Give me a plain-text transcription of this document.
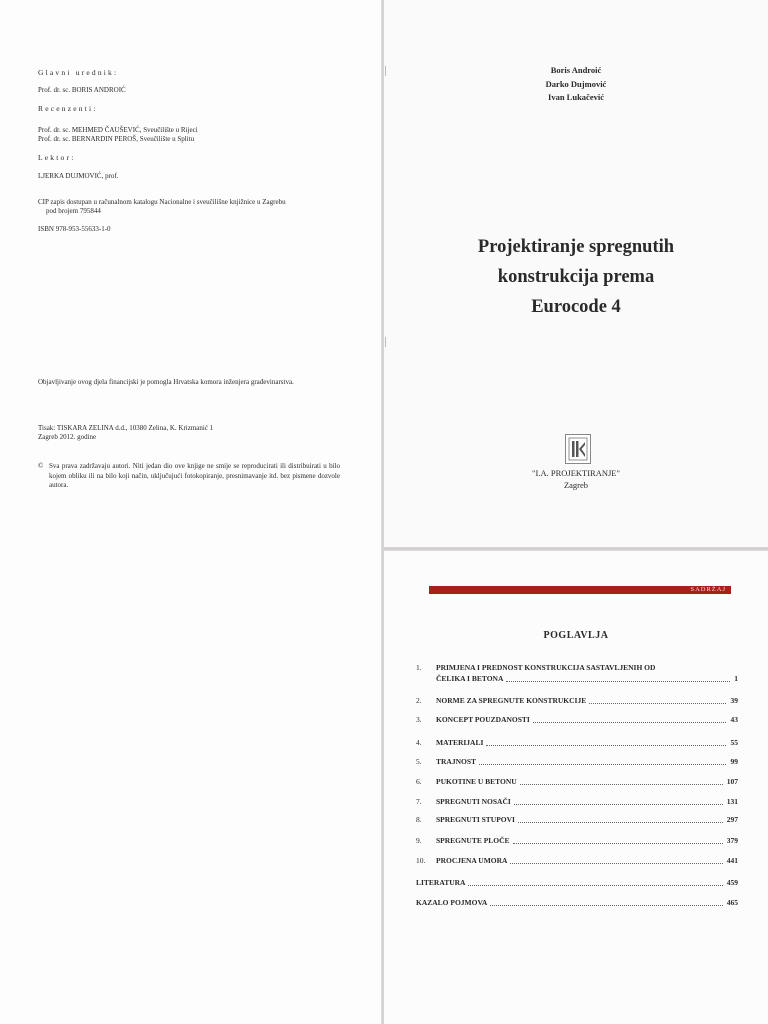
Glavni urednik:
Prof. dr. sc. BORIS ANDROIĆ
Recenzenti:
Prof. dr. sc. MEHMED ČAUŠEVIĆ, Sveučilište u Rijeci
Prof. dr. sc. BERNARDIN PEROŠ, Sveučilište u Splitu
Lektor:
LJERKA DUJMOVIĆ, prof.
CIP zapis dostupan u računalnom katalogu Nacionalne i sveučilišne knjižnice u Zagrebu
pod brojem 795844
ISBN 978-953-55633-1-0
Objavljivanje ovog djela financijski je pomogla Hrvatska komora inženjera građevinarstva.
Tisak: TISKARA ZELINA d.d., 10380 Zelina, K. Krizmanić 1
Zagreb 2012. godine
© Sva prava zadržavaju autori. Niti jedan dio ove knjige ne smije se reproducirati ili distribuirati u bilo kojem obliku ili na bilo koji način, uključujući fotokopiranje, presnimavanje itd. bez pismene dozvole autora.
Boris Androić
Darko Dujmović
Ivan Lukačević
Projektiranje spregnutih
konstrukcija prema
Eurocode 4
"I.A. PROJEKTIRANJE"
Zagreb
SADRŽAJ
POGLAVLJA
1.	PRIMJENA I PREDNOST KONSTRUKCIJA SASTAVLJENIH OD
ČELIKA I BETONA	1
2.	NORME ZA SPREGNUTE KONSTRUKCIJE	39
3.	KONCEPT POUZDANOSTI	43
4.	MATERIJALI	55
5.	TRAJNOST	99
6.	PUKOTINE U BETONU	107
7.	SPREGNUTI NOSAČI	131
8.	SPREGNUTI STUPOVI	297
9.	SPREGNUTE PLOČE	379
10.	PROCJENA UMORA	441
LITERATURA	459
KAZALO POJMOVA	465
